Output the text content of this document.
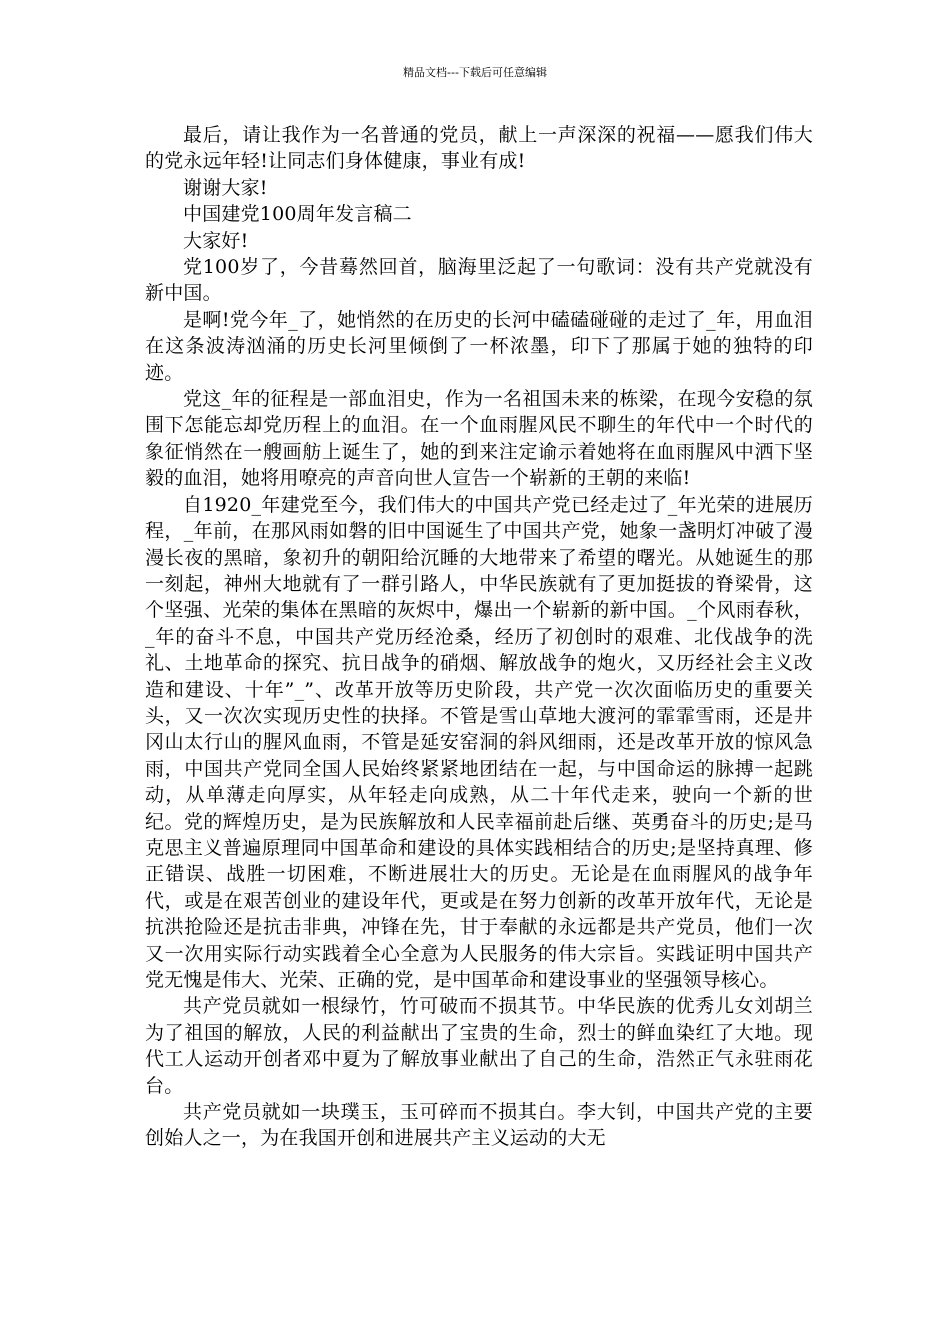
精品文档---下载后可任意编辑

最后，请让我作为一名普通的党员，献上一声深深的祝福——愿我们伟大的党永远年轻!让同志们身体健康，事业有成!

谢谢大家!

中国建党100周年发言稿二

大家好!

党100岁了，今昔蓦然回首，脑海里泛起了一句歌词：没有共产党就没有新中国。

是啊!党今年_了，她悄然的在历史的长河中磕磕碰碰的走过了_年，用血泪在这条波涛汹涌的历史长河里倾倒了一杯浓墨，印下了那属于她的独特的印迹。

党这_年的征程是一部血泪史，作为一名祖国未来的栋梁，在现今安稳的氛围下怎能忘却党历程上的血泪。在一个血雨腥风民不聊生的年代中一个时代的象征悄然在一艘画舫上诞生了，她的到来注定谕示着她将在血雨腥风中洒下坚毅的血泪，她将用嘹亮的声音向世人宣告一个崭新的王朝的来临!

自1920_年建党至今，我们伟大的中国共产党已经走过了_年光荣的进展历程，_年前，在那风雨如磐的旧中国诞生了中国共产党，她象一盏明灯冲破了漫漫长夜的黑暗，象初升的朝阳给沉睡的大地带来了希望的曙光。从她诞生的那一刻起，神州大地就有了一群引路人，中华民族就有了更加挺拔的脊梁骨，这个坚强、光荣的集体在黑暗的灰烬中，爆出一个崭新的新中国。_个风雨春秋，_年的奋斗不息，中国共产党历经沧桑，经历了初创时的艰难、北伐战争的洗礼、土地革命的探究、抗日战争的硝烟、解放战争的炮火，又历经社会主义改造和建设、十年”_”、改革开放等历史阶段，共产党一次次面临历史的重要关头，又一次次实现历史性的抉择。不管是雪山草地大渡河的霏霏雪雨，还是井冈山太行山的腥风血雨，不管是延安窑洞的斜风细雨，还是改革开放的惊风急雨，中国共产党同全国人民始终紧紧地团结在一起，与中国命运的脉搏一起跳动，从单薄走向厚实，从年轻走向成熟，从二十年代走来，驶向一个新的世纪。党的辉煌历史，是为民族解放和人民幸福前赴后继、英勇奋斗的历史;是马克思主义普遍原理同中国革命和建设的具体实践相结合的历史;是坚持真理、修正错误、战胜一切困难，不断进展壮大的历史。无论是在血雨腥风的战争年代，或是在艰苦创业的建设年代，更或是在努力创新的改革开放年代，无论是抗洪抢险还是抗击非典，冲锋在先，甘于奉献的永远都是共产党员，他们一次又一次用实际行动实践着全心全意为人民服务的伟大宗旨。实践证明中国共产党无愧是伟大、光荣、正确的党，是中国革命和建设事业的坚强领导核心。

共产党员就如一根绿竹，竹可破而不损其节。中华民族的优秀儿女刘胡兰为了祖国的解放，人民的利益献出了宝贵的生命，烈士的鲜血染红了大地。现代工人运动开创者邓中夏为了解放事业献出了自己的生命，浩然正气永驻雨花台。

共产党员就如一块璞玉，玉可碎而不损其白。李大钊，中国共产党的主要创始人之一，为在我国开创和进展共产主义运动的大无
